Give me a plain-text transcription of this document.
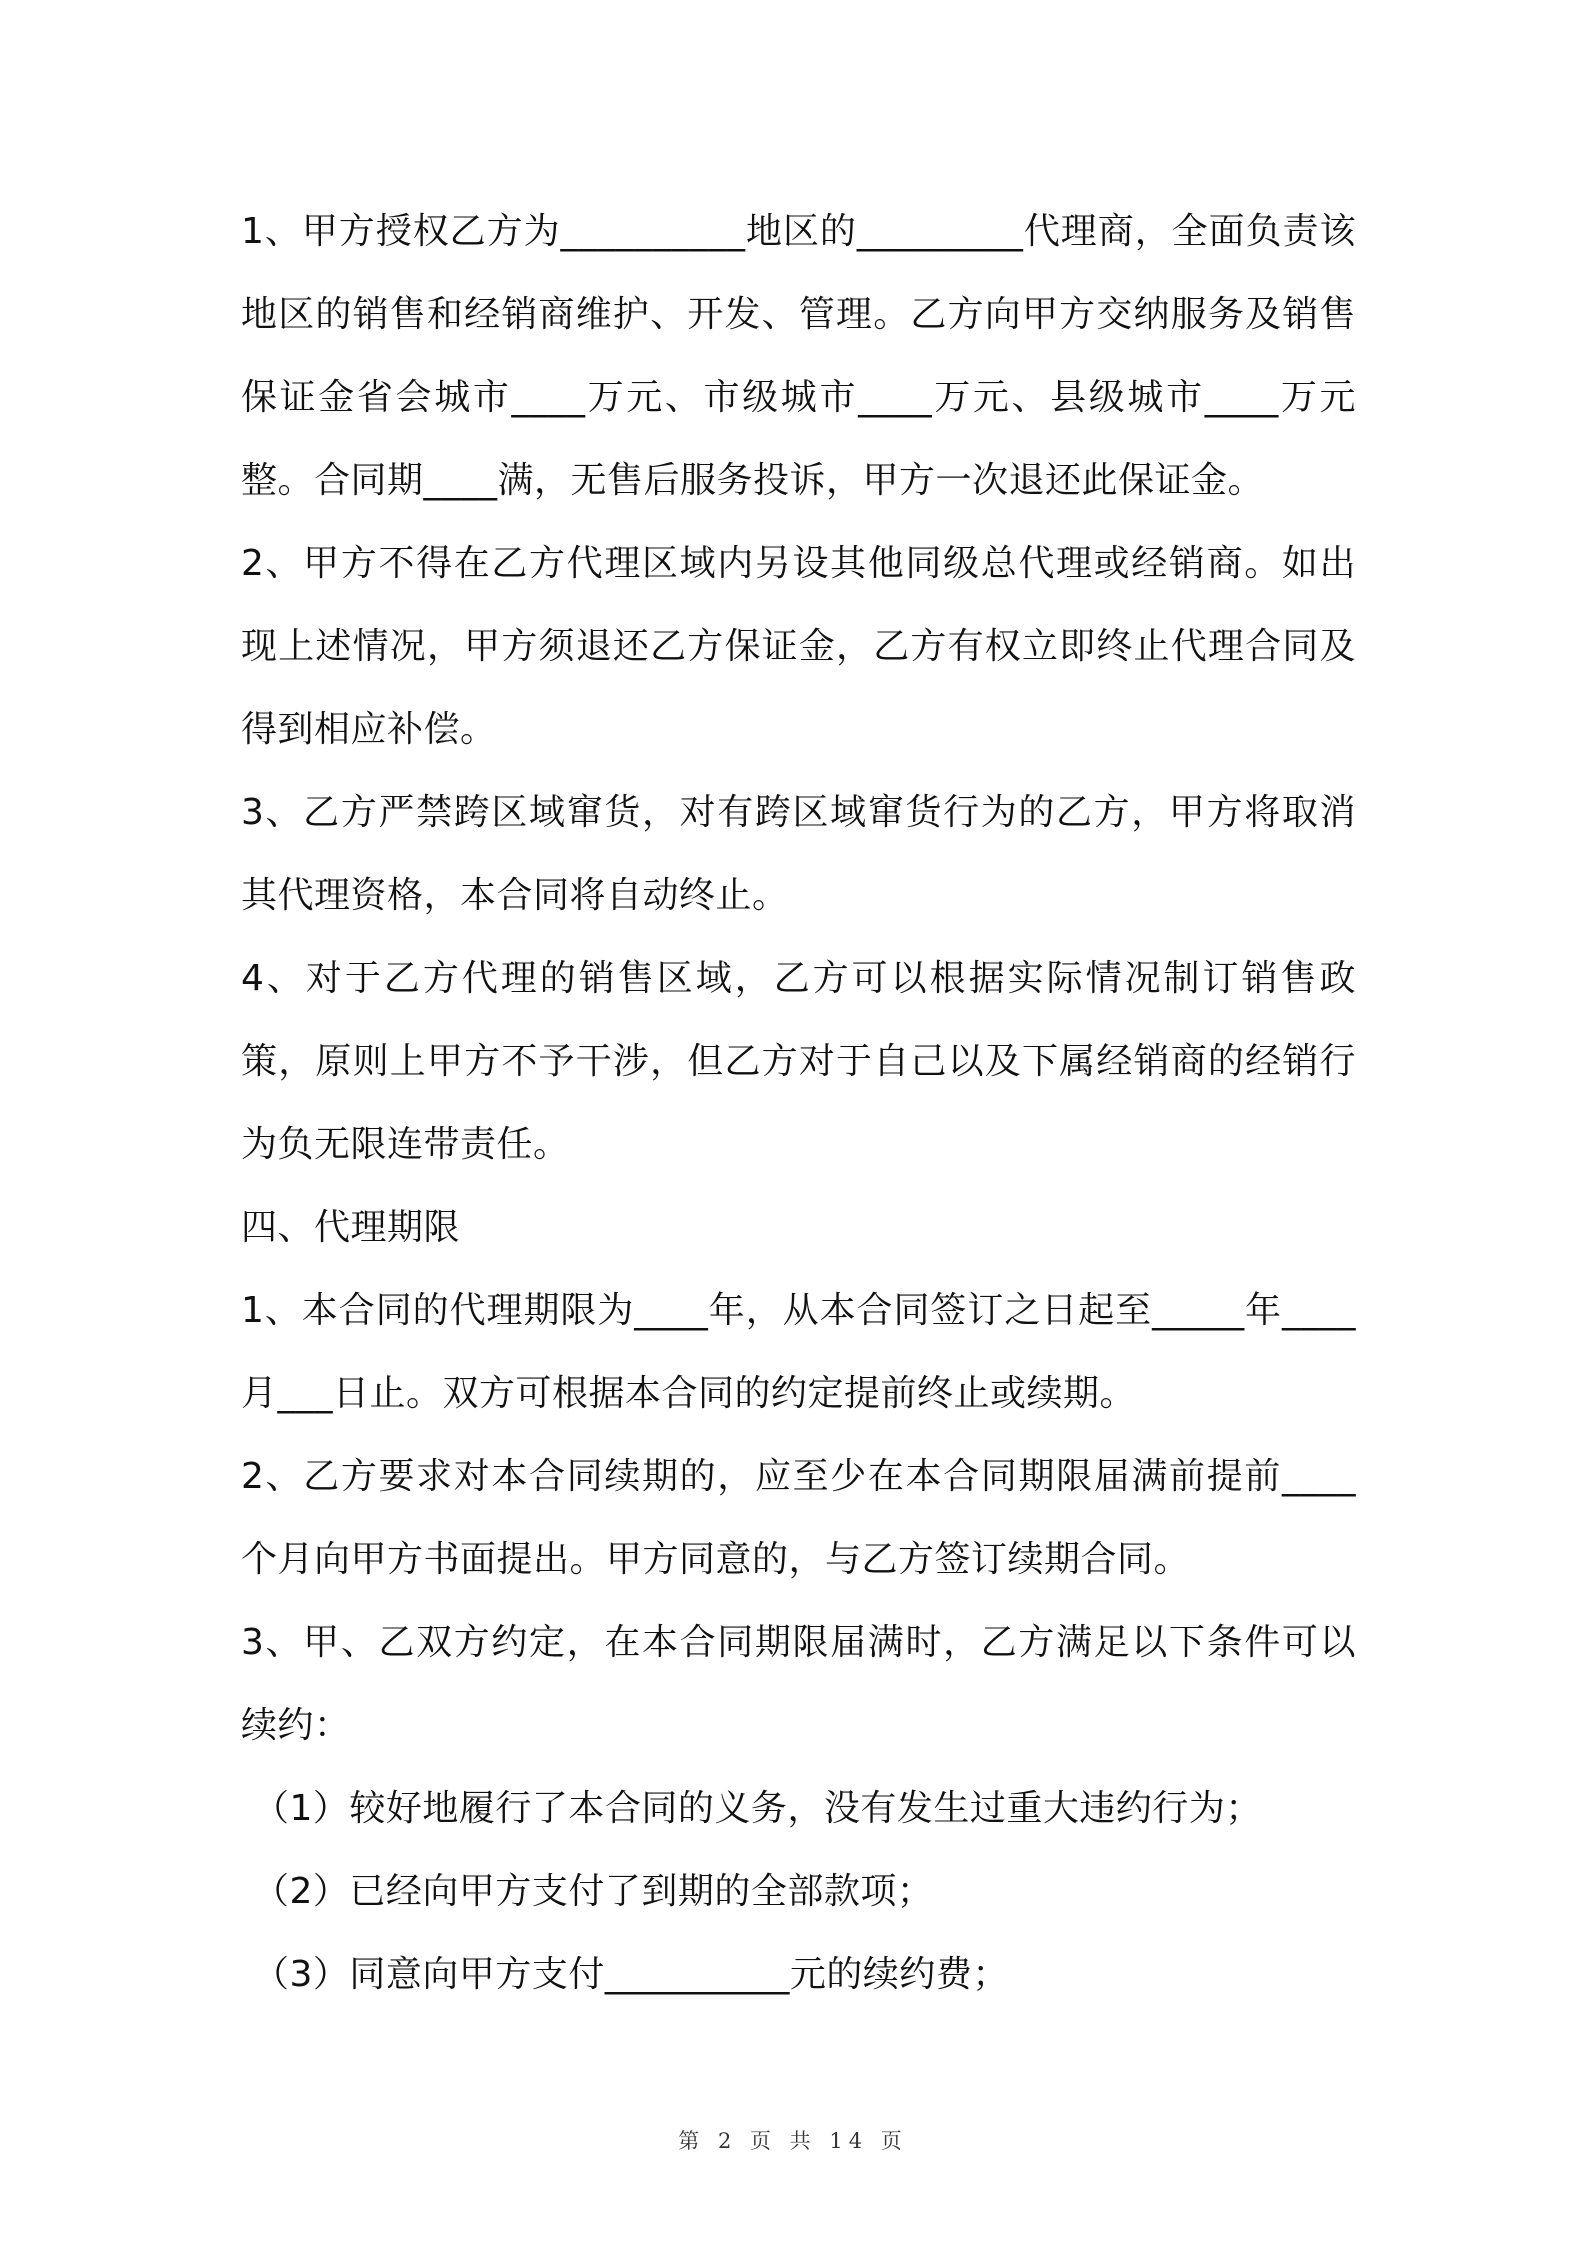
1、甲方授权乙方为__________地区的_________代理商，全面负责该地区的销售和经销商维护、开发、管理。乙方向甲方交纳服务及销售保证金省会城市____万元、市级城市____万元、县级城市____万元整。合同期____满，无售后服务投诉，甲方一次退还此保证金。

2、甲方不得在乙方代理区域内另设其他同级总代理或经销商。如出现上述情况，甲方须退还乙方保证金，乙方有权立即终止代理合同及得到相应补偿。

3、乙方严禁跨区域窜货，对有跨区域窜货行为的乙方，甲方将取消其代理资格，本合同将自动终止。

4、对于乙方代理的销售区域，乙方可以根据实际情况制订销售政策，原则上甲方不予干涉，但乙方对于自己以及下属经销商的经销行为负无限连带责任。

四、代理期限

1、本合同的代理期限为____年，从本合同签订之日起至_____年____月___日止。双方可根据本合同的约定提前终止或续期。

2、乙方要求对本合同续期的，应至少在本合同期限届满前提前____个月向甲方书面提出。甲方同意的，与乙方签订续期合同。

3、甲、乙双方约定，在本合同期限届满时，乙方满足以下条件可以续约：

（1）较好地履行了本合同的义务，没有发生过重大违约行为；

（2）已经向甲方支付了到期的全部款项；

（3）同意向甲方支付__________元的续约费；

第 2 页 共 14 页
